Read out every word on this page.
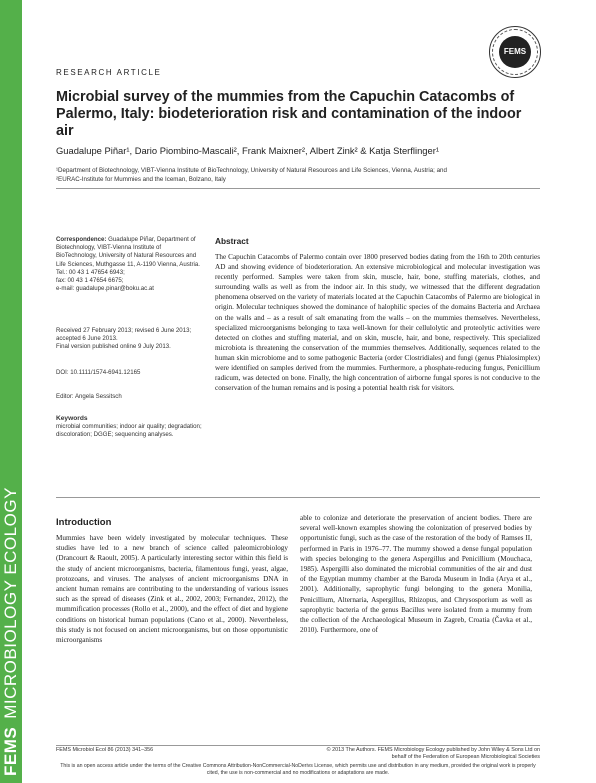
FEMSMICROBIOLOGY ECOLOGY
FEMS
RESEARCH ARTICLE
Microbial survey of the mummies from the Capuchin Catacombs of Palermo, Italy: biodeterioration risk and contamination of the indoor air
Guadalupe Piñar¹, Dario Piombino-Mascali², Frank Maixner², Albert Zink² & Katja Sterflinger¹
¹Department of Biotechnology, VIBT-Vienna Institute of BioTechnology, University of Natural Resources and Life Sciences, Vienna, Austria; and
²EURAC-Institute for Mummies and the Iceman, Bolzano, Italy
Correspondence: Guadalupe Piñar, Department of Biotechnology, VIBT-Vienna Institute of BioTechnology, University of Natural Resources and Life Sciences, Muthgasse 11, A-1190 Vienna, Austria.
Tel.: 00 43 1 47654 6943;
fax: 00 43 1 47654 6675;
e-mail: guadalupe.pinar@boku.ac.at
Received 27 February 2013; revised 6 June 2013; accepted 6 June 2013.
Final version published online 9 July 2013.
DOI: 10.1111/1574-6941.12165
Editor: Angela Sessitsch
Keywords
microbial communities; indoor air quality; degradation; discoloration; DGGE; sequencing analyses.
Abstract

The Capuchin Catacombs of Palermo contain over 1800 preserved bodies dating from the 16th to 20th centuries AD and showing evidence of biodeterioration. An extensive microbiological and molecular investigation was recently performed. Samples were taken from skin, muscle, hair, bone, stuffing materials, clothes, and surrounding walls as well as from the indoor air. In this study, we witnessed that the different degradation phenomena observed on the variety of materials located at the Capuchin Catacombs of Palermo are biological in origin. Molecular techniques showed the dominance of halophilic species of the domains Bacteria and Archaea on the walls and – as a result of salt emanating from the walls – on the mummies themselves. Nevertheless, specialized microorganisms belonging to taxa well-known for their cellulolytic and proteolytic activities were detected on clothes and stuffing material, and on skin, muscle, hair, and bone, respectively. This specialized microbiota is threatening the conservation of the mummies themselves. Additionally, sequences related to the human skin microbiome and to some pathogenic Bacteria (order Clostridiales) and fungi (genus Phialosimplex) were identified on samples derived from the mummies. Furthermore, a phosphate-reducing fungus, Penicillium radicum, was detected on bone. Finally, the high concentration of airborne fungal spores is not conducive to the conservation of the human remains and is posing a potential health risk for visitors.

Introduction

Mummies have been widely investigated by molecular techniques. These studies have led to a new branch of science called paleomicrobiology (Drancourt & Raoult, 2005). A particularly interesting sector within this field is the study of ancient microorganisms, bacteria, filamentous fungi, yeast, algae, protozoans, and viruses. The analyses of ancient microorganisms DNA in ancient human remains are contributing to the understanding of various issues such as the spread of diseases (Zink et al., 2002, 2003; Fernandez, 2012), the mummification processes (Rollo et al., 2000), and the effect of diet and hygiene conditions on historical human populations (Cano et al., 2000). Nevertheless, this study is not focused on ancient microorganisms, but on those opportunistic microorganisms

able to colonize and deteriorate the preservation of ancient bodies. There are several well-known examples showing the colonization of preserved bodies by opportunistic fungi, such as the case of the restoration of the body of Ramses II, performed in Paris in 1976–77. The mummy showed a dense fungal population with species belonging to the genera Aspergillus and Penicillium (Mouchaca, 1985). Aspergilli also dominated the microbial communities of the air and dust of the Egyptian mummy chamber at the Baroda Museum in India (Arya et al., 2001). Additionally, saprophytic fungi belonging to the genera Monilia, Penicillium, Alternaria, Aspergillus, Rhizopus, and Chrysosporium as well as saprophytic bacteria of the genus Bacillus were isolated from a mummy from the collection of the Archaeological Museum in Zagreb, Croatia (Čavka et al., 2010). Furthermore, one of

FEMS Microbiol Ecol 86 (2013) 341–356	© 2013 The Authors. FEMS Microbiology Ecology published by John Wiley & Sons Ltd on behalf of the Federation of European Microbiological Societies
This is an open access article under the terms of the Creative Commons Attribution-NonCommercial-NoDerivs License, which permits use and distribution in any medium, provided the original work is properly cited, the use is non-commercial and no modifications or adaptations are made.
